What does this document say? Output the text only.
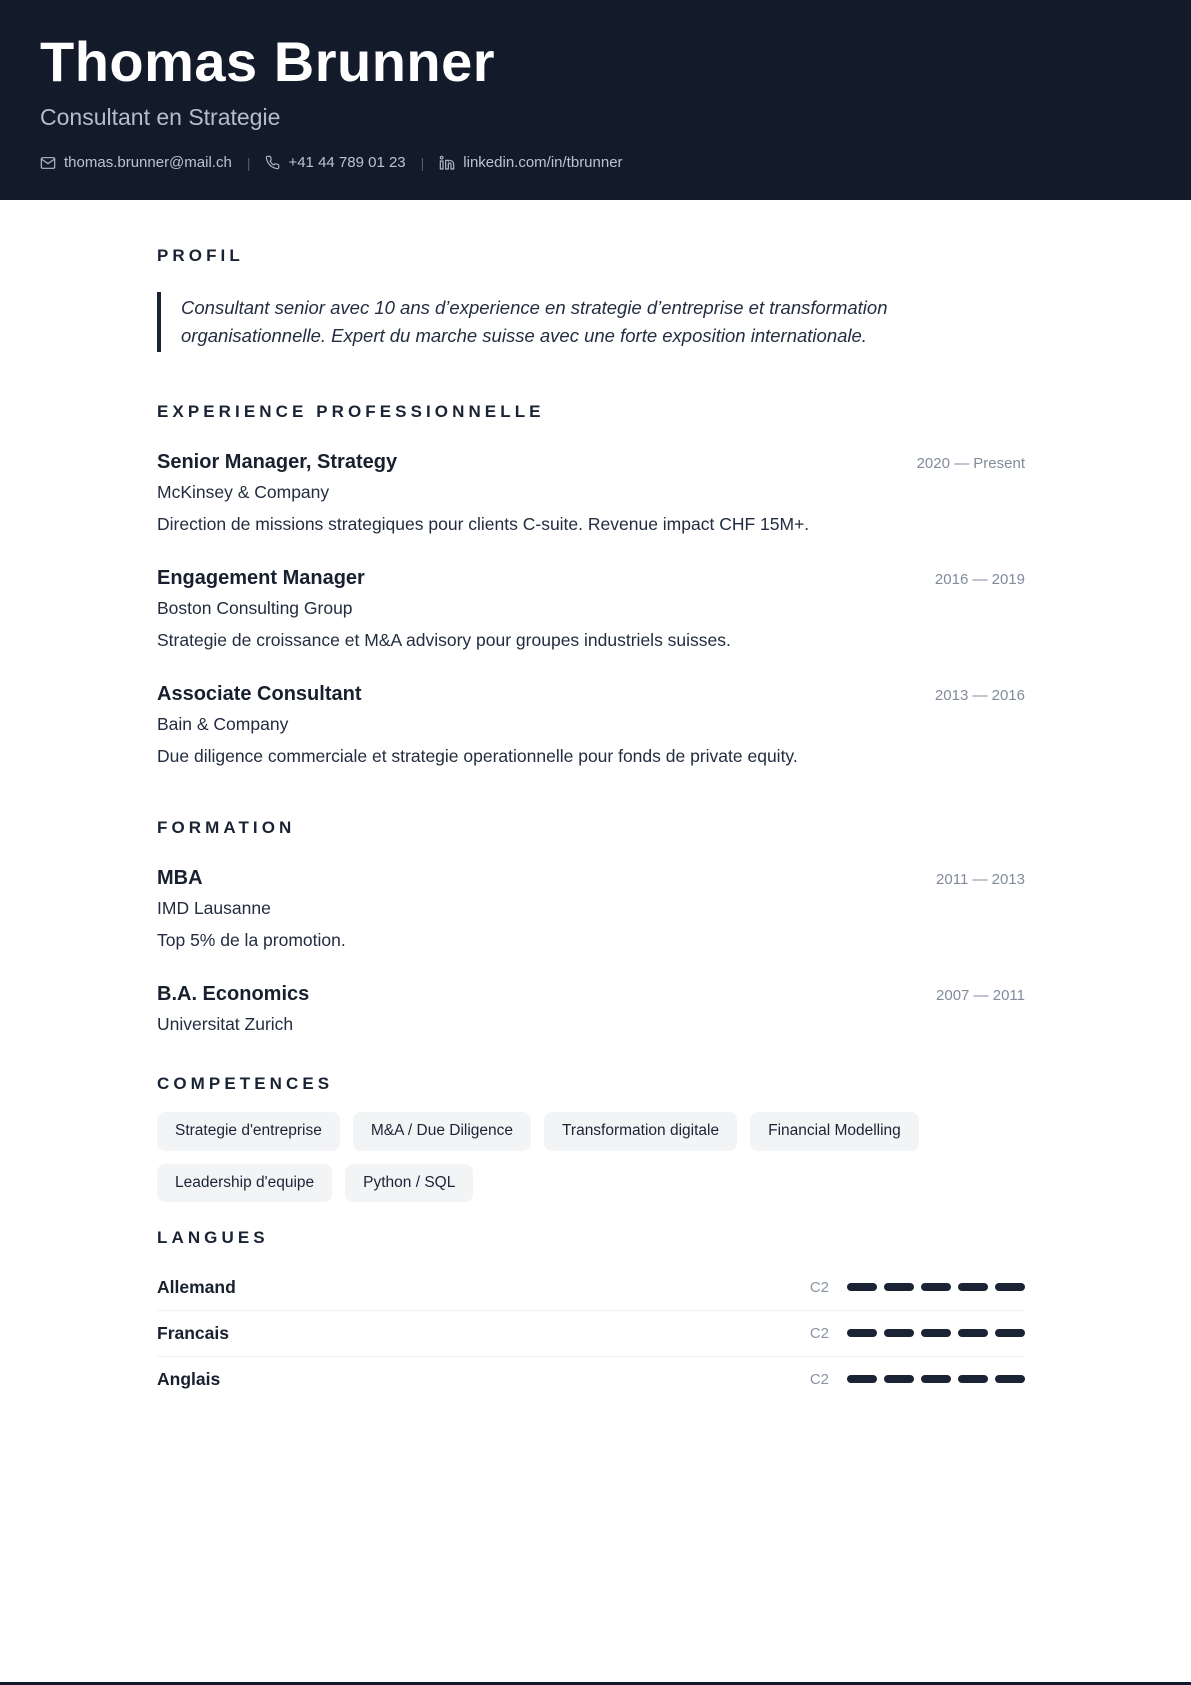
Thomas Brunner

Consultant en Strategie

thomas.brunner@mail.ch |	+41 44 789 01 23 |	linkedin.com/in/tbrunner
PROFIL
Consultant senior avec 10 ans d’experience en strategie d’entreprise et transformation organisationnelle. Expert du marche suisse avec une forte exposition internationale.
EXPERIENCE PROFESSIONNELLE
Senior Manager, Strategy	2020 — Present

McKinsey & Company

Direction de missions strategiques pour clients C-suite. Revenue impact CHF 15M+.

Engagement Manager	2016 — 2019

Boston Consulting Group

Strategie de croissance et M&A advisory pour groupes industriels suisses.

Associate Consultant	2013 — 2016

Bain & Company

Due diligence commerciale et strategie operationnelle pour fonds de private equity.

FORMATION
MBA	2011 — 2013

IMD Lausanne

Top 5% de la promotion.

B.A. Economics	2007 — 2011

Universitat Zurich

COMPETENCES
Strategie d'entreprise	M&A / Due Diligence	Transformation digitale	Financial Modelling
Leadership d'equipe	Python / SQL
LANGUES
Allemand	C2
Francais	C2
Anglais	C2
